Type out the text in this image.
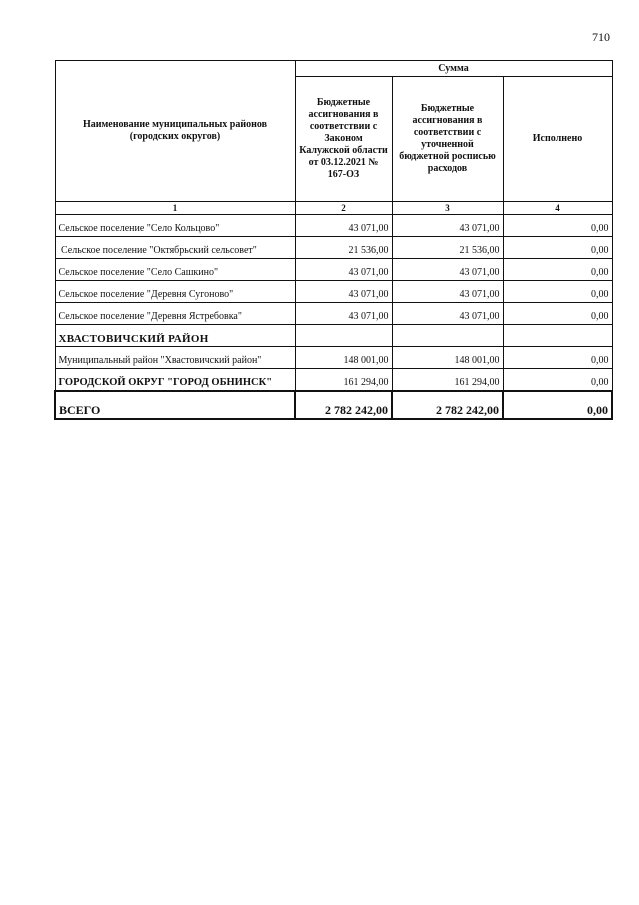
710
Наименование муниципальных районов (городских округов)	Сумма		
	Бюджетные ассигнования в соответствии с Законом Калужской области от 03.12.2021 № 167-ОЗ	Бюджетные ассигнования в соответствии с уточненной бюджетной росписью расходов	Исполнено
1	2	3	4
Сельское поселение "Село Кольцово"	43 071,00	43 071,00	0,00
Сельское поселение "Октябрьский сельсовет"	21 536,00	21 536,00	0,00
Сельское поселение "Село Сашкино"	43 071,00	43 071,00	0,00
Сельское поселение "Деревня Сугоново"	43 071,00	43 071,00	0,00
Сельское поселение "Деревня Ястребовка"	43 071,00	43 071,00	0,00
ХВАСТОВИЧСКИЙ РАЙОН			
Муниципальный район "Хвастовичский район"	148 001,00	148 001,00	0,00
ГОРОДСКОЙ ОКРУГ "ГОРОД ОБНИНСК"	161 294,00	161 294,00	0,00
ВСЕГО	2 782 242,00	2 782 242,00	0,00
